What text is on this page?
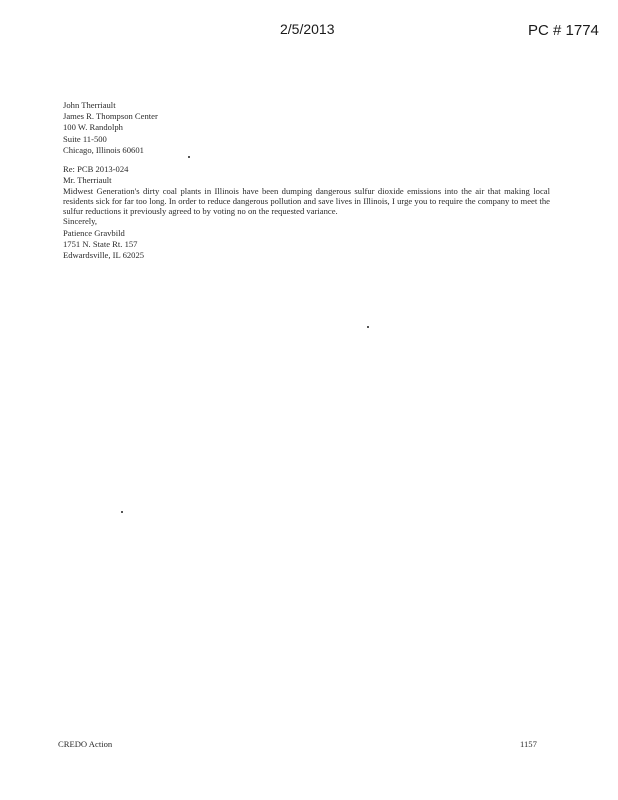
2/5/2013	PC # 1774
John Therriault
James R. Thompson Center
100 W. Randolph
Suite 11-500
Chicago, Illinois 60601

Re: PCB 2013-024

Mr. Therriault

Midwest Generation's dirty coal plants in Illinois have been dumping dangerous sulfur dioxide emissions into the air that making local residents sick for far too long. In order to reduce dangerous pollution and save lives in Illinois, I urge you to require the company to meet the sulfur reductions it previously agreed to by voting no on the requested variance.

Sincerely,

Patience Gravbild
1751 N. State Rt. 157
Edwardsville, IL 62025
CREDO Action	1157
